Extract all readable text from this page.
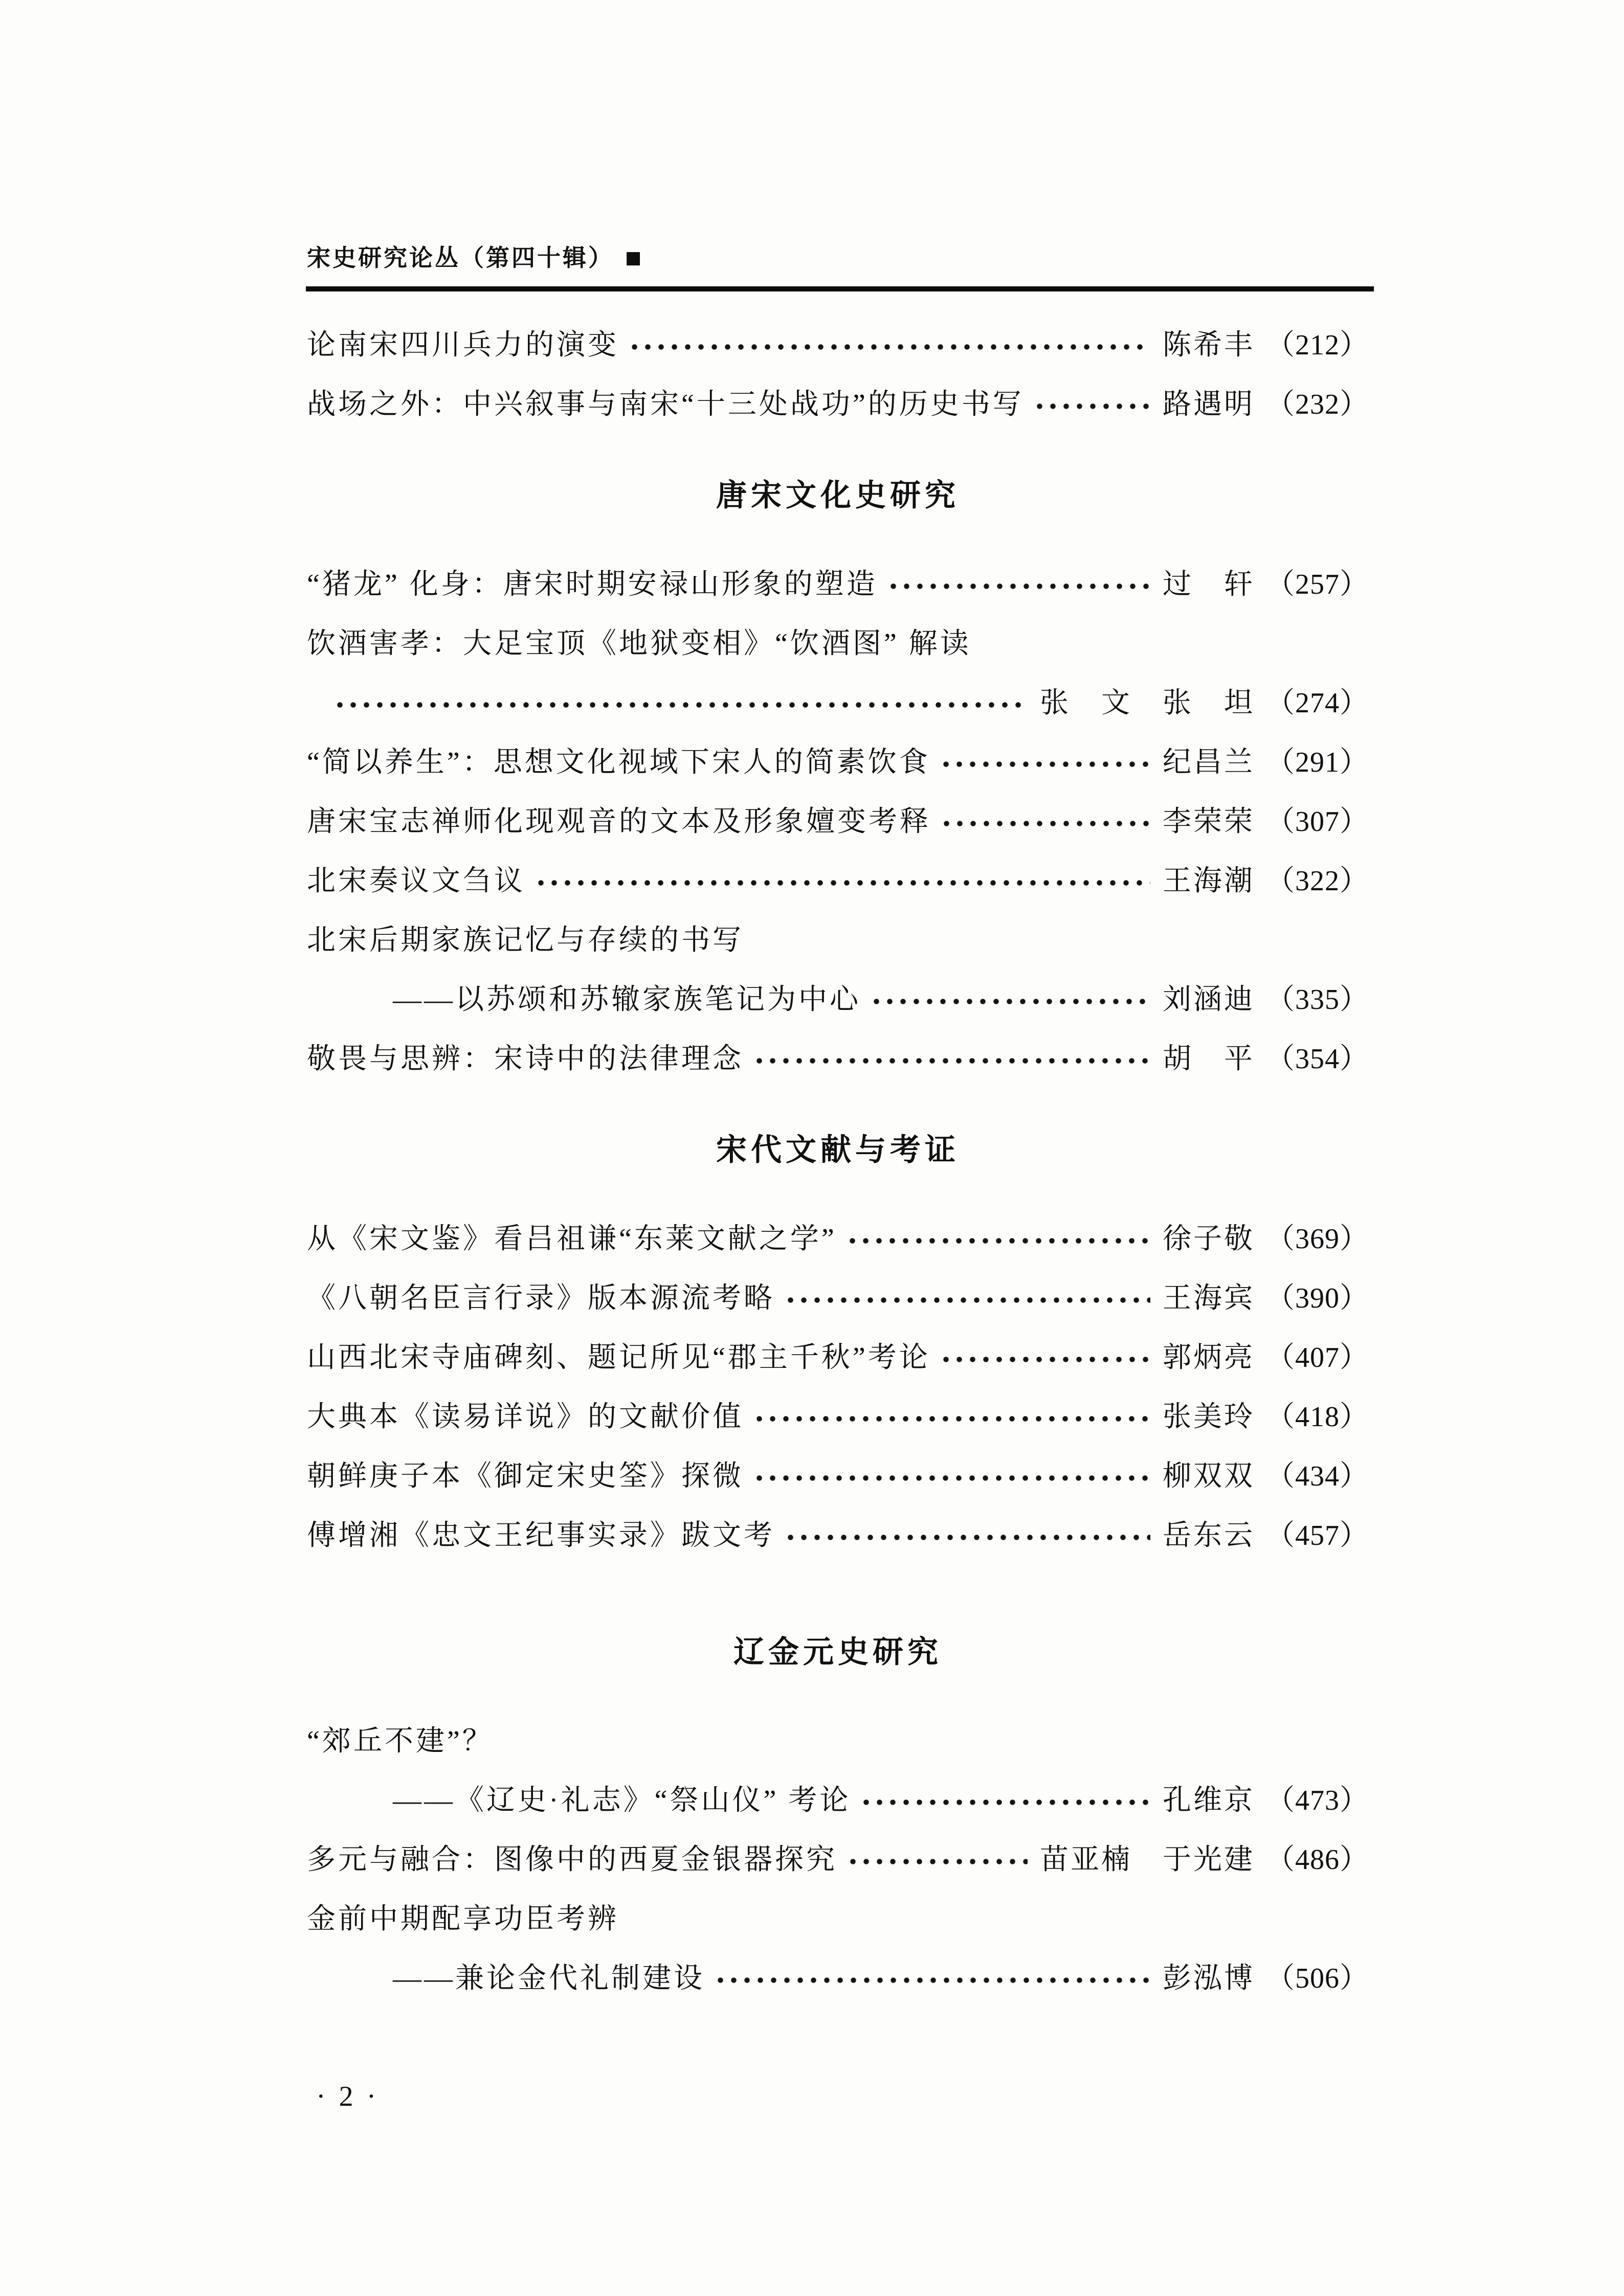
宋史研究论丛（第四十辑） ■
论南宋四川兵力的演变	陈希丰 （212）
战场之外：中兴叙事与南宋“十三处战功”的历史书写	路遇明 （232）
唐宋文化史研究
“猪龙” 化身：唐宋时期安禄山形象的塑造	过　轩 （257）
饮酒害孝：大足宝顶《地狱变相》“饮酒图” 解读
张　文　张　坦 （274）
“简以养生”：思想文化视域下宋人的简素饮食	纪昌兰 （291）
唐宋宝志禅师化现观音的文本及形象嬗变考释	李荣荣 （307）
北宋奏议文刍议	王海潮 （322）
北宋后期家族记忆与存续的书写
——以苏颂和苏辙家族笔记为中心	刘涵迪 （335）
敬畏与思辨：宋诗中的法律理念	胡　平 （354）
宋代文献与考证
从《宋文鉴》看吕祖谦“东莱文献之学”	徐子敬 （369）
《八朝名臣言行录》版本源流考略	王海宾 （390）
山西北宋寺庙碑刻、题记所见“郡主千秋”考论	郭炳亮 （407）
大典本《读易详说》的文献价值	张美玲 （418）
朝鲜庚子本《御定宋史筌》探微	柳双双 （434）
傅增湘《忠文王纪事实录》跋文考	岳东云 （457）
辽金元史研究
“郊丘不建”？
——《辽史·礼志》“祭山仪” 考论	孔维京 （473）
多元与融合：图像中的西夏金银器探究	苗亚楠　于光建 （486）
金前中期配享功臣考辨
——兼论金代礼制建设	彭泓博 （506）
· 2 ·
